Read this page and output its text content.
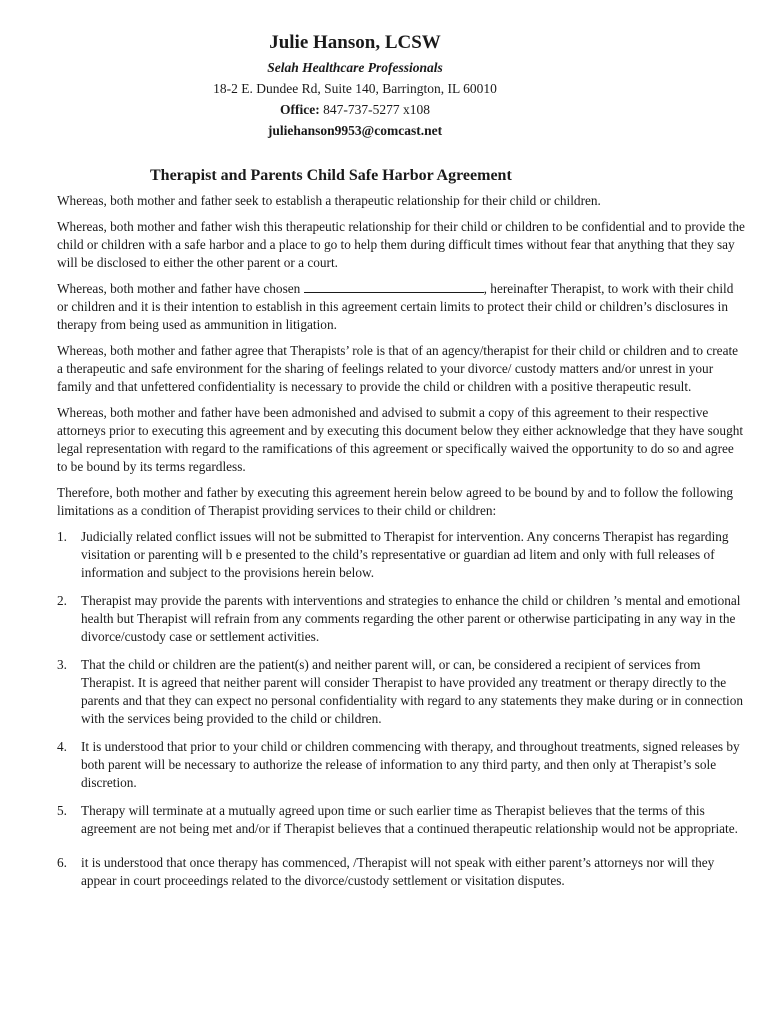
Julie Hanson, LCSW

Selah Healthcare Professionals

18-2 E. Dundee Rd, Suite 140, Barrington, IL 60010

Office: 847-737-5277 x108

juliehanson9953@comcast.net

Therapist and Parents Child Safe Harbor Agreement

Whereas, both mother and father seek to establish a therapeutic relationship for their child or children.

Whereas, both mother and father wish this therapeutic relationship for their child or children to be confidential and to provide the child or children with a safe harbor and a place to go to help them during difficult times without fear that anything that they say will be disclosed to either the other parent or a court.

Whereas, both mother and father have chosen	, hereinafter Therapist, to work with their child or children and it is their intention to establish in this agreement certain limits to protect their child or children’s disclosures in therapy from being used as ammunition in litigation.

Whereas, both mother and father agree that Therapists’ role is that of an agency/therapist for their child or children and to create a therapeutic and safe environment for the sharing of feelings related to your divorce/ custody matters and/or unrest in your family and that unfettered confidentiality is necessary to provide the child or children with a positive therapeutic result.

Whereas, both mother and father have been admonished and advised to submit a copy of this agreement to their respective attorneys prior to executing this agreement and by executing this document below they either acknowledge that they have sought legal representation with regard to the ramifications of this agreement or specifically waived the opportunity to do so and agree to be bound by its terms regardless.

Therefore, both mother and father by executing this agreement herein below agreed to be bound by and to follow the following limitations as a condition of Therapist providing services to their child or children:

1. Judicially related conflict issues will not be submitted to Therapist for intervention. Any concerns Therapist has regarding visitation or parenting will b e presented to the child’s representative or guardian ad litem and only with full releases of information and subject to the provisions herein below.
2. Therapist may provide the parents with interventions and strategies to enhance the child or children ’s mental and emotional health but Therapist will refrain from any comments regarding the other parent or otherwise participating in any way in the divorce/custody case or settlement activities.
3. That the child or children are the patient(s) and neither parent will, or can, be considered a recipient of services from Therapist. It is agreed that neither parent will consider Therapist to have provided any treatment or therapy directly to the parents and that they can expect no personal confidentiality with regard to any statements they make during or in connection with the services being provided to the child or children.
4. It is understood that prior to your child or children commencing with therapy, and throughout treatments, signed releases by both parent will be necessary to authorize the release of information to any third party, and then only at Therapist’s sole discretion.
5. Therapy will terminate at a mutually agreed upon time or such earlier time as Therapist believes that the terms of this agreement are not being met and/or if Therapist believes that a continued therapeutic relationship would not be appropriate.
6. it is understood that once therapy has commenced, /Therapist will not speak with either parent’s attorneys nor will they appear in court proceedings related to the divorce/custody settlement or visitation disputes.
